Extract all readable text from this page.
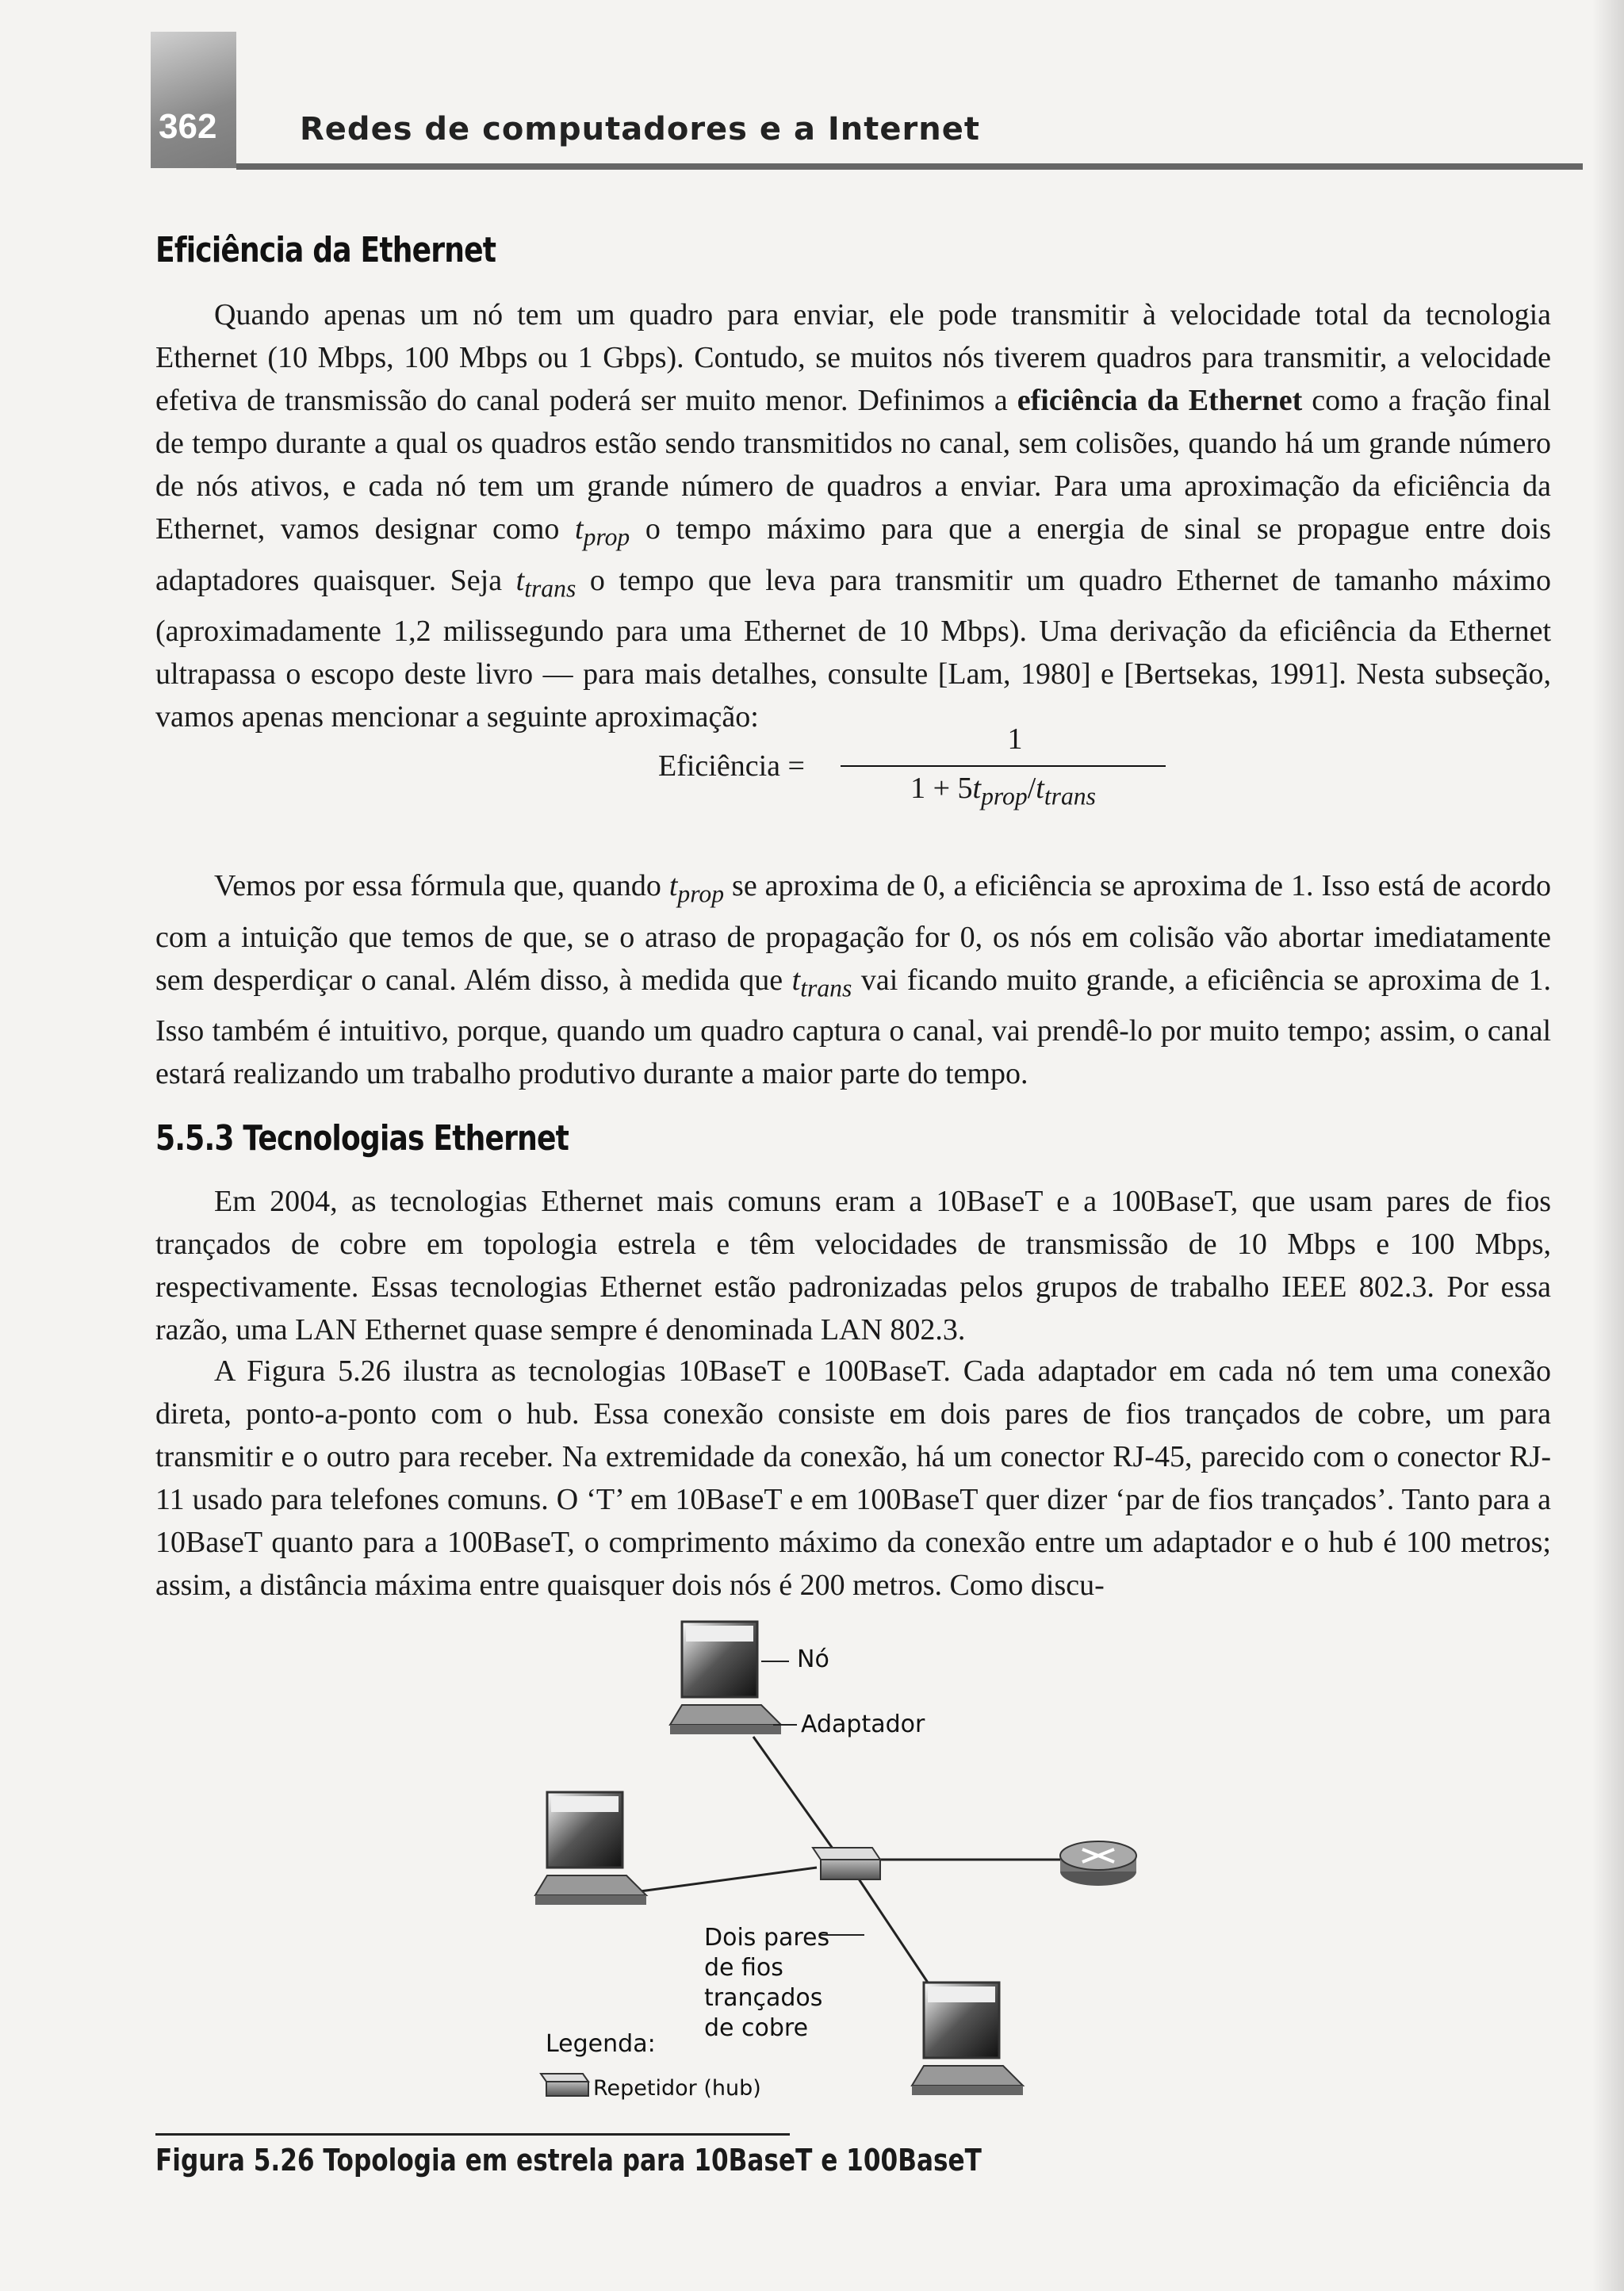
362	Redes de computadores e a Internet
Eficiência da Ethernet

Quando apenas um nó tem um quadro para enviar, ele pode transmitir à velocidade total da tecnologia Ethernet (10 Mbps, 100 Mbps ou 1 Gbps). Contudo, se muitos nós tiverem quadros para transmitir, a velocidade efetiva de transmissão do canal poderá ser muito menor. Definimos a eficiência da Ethernet como a fração final de tempo durante a qual os quadros estão sendo transmitidos no canal, sem colisões, quando há um grande número de nós ativos, e cada nó tem um grande número de quadros a enviar. Para uma aproximação da eficiência da Ethernet, vamos designar como $t_{prop}$ o tempo máximo para que a energia de sinal se propague entre dois adaptadores quaisquer. Seja $t_{trans}$ o tempo que leva para transmitir um quadro Ethernet de tamanho máximo (aproximadamente 1,2 milissegundo para uma Ethernet de 10 Mbps). Uma derivação da eficiência da Ethernet ultrapassa o escopo deste livro — para mais detalhes, consulte [Lam, 1980] e [Bertsekas, 1991]. Nesta subseção, vamos apenas mencionar a seguinte aproximação:

Eficiência =
1
$1 + 5t_{prop}/t_{trans}$

Vemos por essa fórmula que, quando $t_{prop}$ se aproxima de 0, a eficiência se aproxima de 1. Isso está de acordo com a intuição que temos de que, se o atraso de propagação for 0, os nós em colisão vão abortar imediatamente sem desperdiçar o canal. Além disso, à medida que $t_{trans}$ vai ficando muito grande, a eficiência se aproxima de 1. Isso também é intuitivo, porque, quando um quadro captura o canal, vai prendê-lo por muito tempo; assim, o canal estará realizando um trabalho produtivo durante a maior parte do tempo.

5.5.3 Tecnologias Ethernet

Em 2004, as tecnologias Ethernet mais comuns eram a 10BaseT e a 100BaseT, que usam pares de fios trançados de cobre em topologia estrela e têm velocidades de transmissão de 10 Mbps e 100 Mbps, respectivamente. Essas tecnologias Ethernet estão padronizadas pelos grupos de trabalho IEEE 802.3. Por essa razão, uma LAN Ethernet quase sempre é denominada LAN 802.3.

A Figura 5.26 ilustra as tecnologias 10BaseT e 100BaseT. Cada adaptador em cada nó tem uma conexão direta, ponto-a-ponto com o hub. Essa conexão consiste em dois pares de fios trançados de cobre, um para transmitir e o outro para receber. Na extremidade da conexão, há um conector RJ-45, parecido com o conector RJ-11 usado para telefones comuns. O ‘T’ em 10BaseT e em 100BaseT quer dizer ‘par de fios trançados’. Tanto para a 10BaseT quanto para a 100BaseT, o comprimento máximo da conexão entre um adaptador e o hub é 100 metros; assim, a distância máxima entre quaisquer dois nós é 200 metros. Como discu-

Nó
Adaptador
Dois pares
de fios
trançados
de cobre
Legenda:
Repetidor (hub)
Figura 5.26 Topologia em estrela para 10BaseT e 100BaseT
